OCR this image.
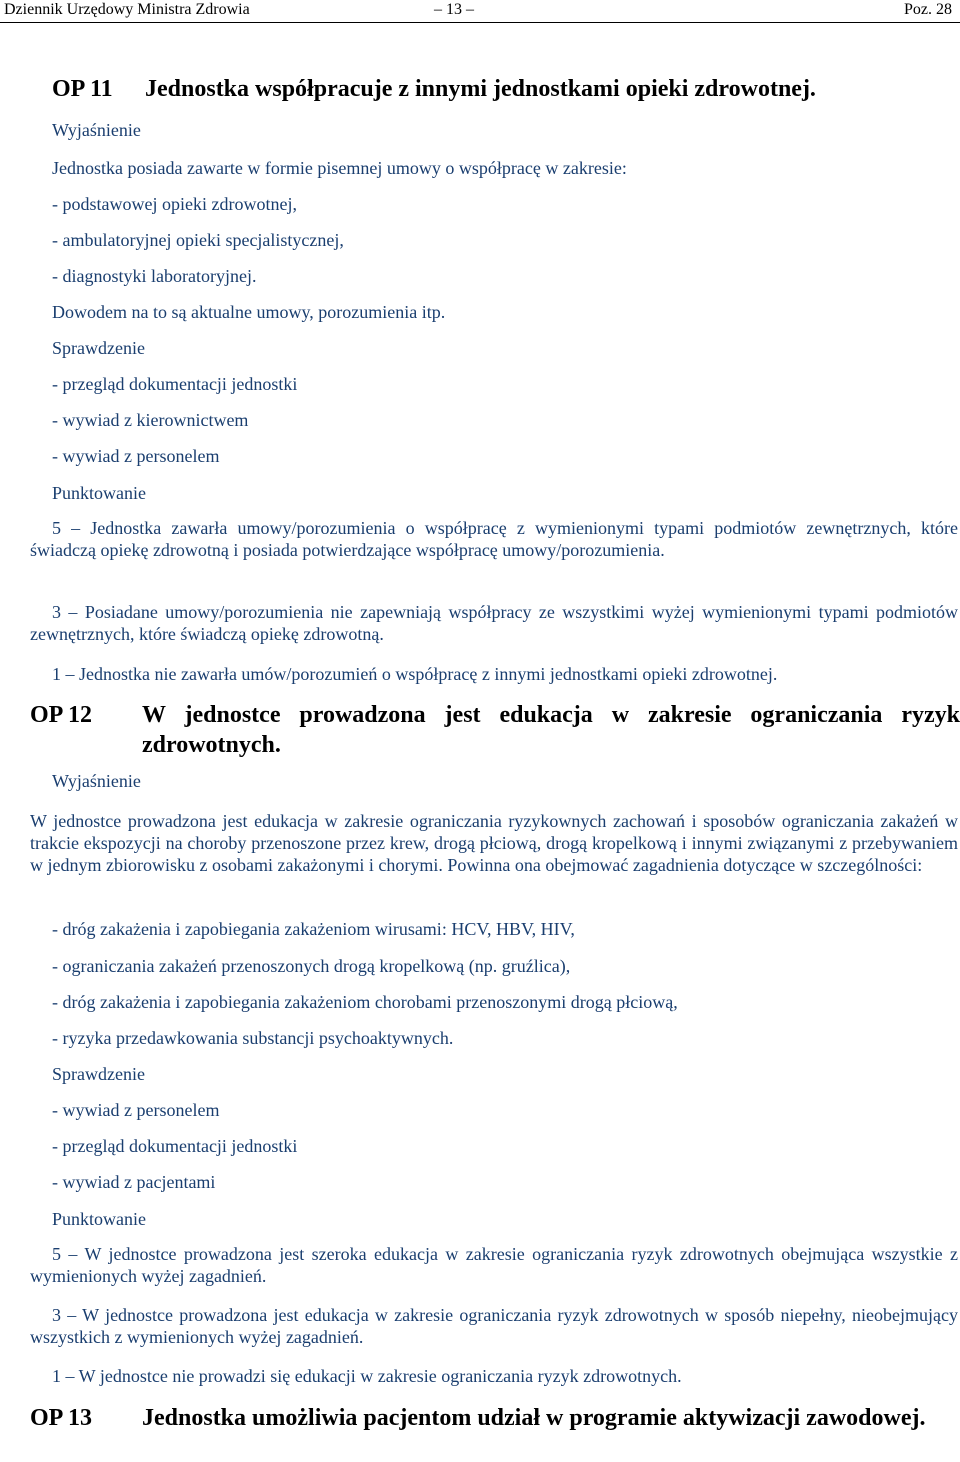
Dziennik Urzędowy Ministra Zdrowia	– 13 –	Poz. 28
OP 11 Jednostka współpracuje z innymi jednostkami opieki zdrowotnej.
Wyjaśnienie
Jednostka posiada zawarte w formie pisemnej umowy o współpracę w zakresie:
- podstawowej opieki zdrowotnej,
- ambulatoryjnej opieki specjalistycznej,
- diagnostyki laboratoryjnej.
Dowodem na to są aktualne umowy, porozumienia itp.
Sprawdzenie
- przegląd dokumentacji jednostki
- wywiad z kierownictwem
- wywiad z personelem
Punktowanie
5 – Jednostka zawarła umowy/porozumienia o współpracę z wymienionymi typami podmiotów zewnętrznych, które świadczą opiekę zdrowotną i posiada potwierdzające współpracę umowy/porozumienia.
3 – Posiadane umowy/porozumienia nie zapewniają współpracy ze wszystkimi wyżej wymienionymi typami podmiotów zewnętrznych, które świadczą opiekę zdrowotną.
1 – Jednostka nie zawarła umów/porozumień o współpracę z innymi jednostkami opieki zdrowotnej.
OP 12 W jednostce prowadzona jest edukacja w zakresie ograniczania ryzyk zdrowotnych.
Wyjaśnienie
W jednostce prowadzona jest edukacja w zakresie ograniczania ryzykownych zachowań i sposobów ograniczania zakażeń w trakcie ekspozycji na choroby przenoszone przez krew, drogą płciową, drogą kropelkową i innymi związanymi z przebywaniem w jednym zbiorowisku z osobami zakażonymi i chorymi. Powinna ona obejmować zagadnienia dotyczące w szczególności:
- dróg zakażenia i zapobiegania zakażeniom wirusami: HCV, HBV, HIV,
- ograniczania zakażeń przenoszonych drogą kropelkową (np. gruźlica),
- dróg zakażenia i zapobiegania zakażeniom chorobami przenoszonymi drogą płciową,
- ryzyka przedawkowania substancji psychoaktywnych.
Sprawdzenie
- wywiad z personelem
- przegląd dokumentacji jednostki
- wywiad z pacjentami
Punktowanie
5 – W jednostce prowadzona jest szeroka edukacja w zakresie ograniczania ryzyk zdrowotnych obejmująca wszystkie z wymienionych wyżej zagadnień.
3 – W jednostce prowadzona jest edukacja w zakresie ograniczania ryzyk zdrowotnych w sposób niepełny, nieobejmujący wszystkich z wymienionych wyżej zagadnień.
1 – W jednostce nie prowadzi się edukacji w zakresie ograniczania ryzyk zdrowotnych.
OP 13	Jednostka umożliwia pacjentom udział w programie aktywizacji zawodowej.
